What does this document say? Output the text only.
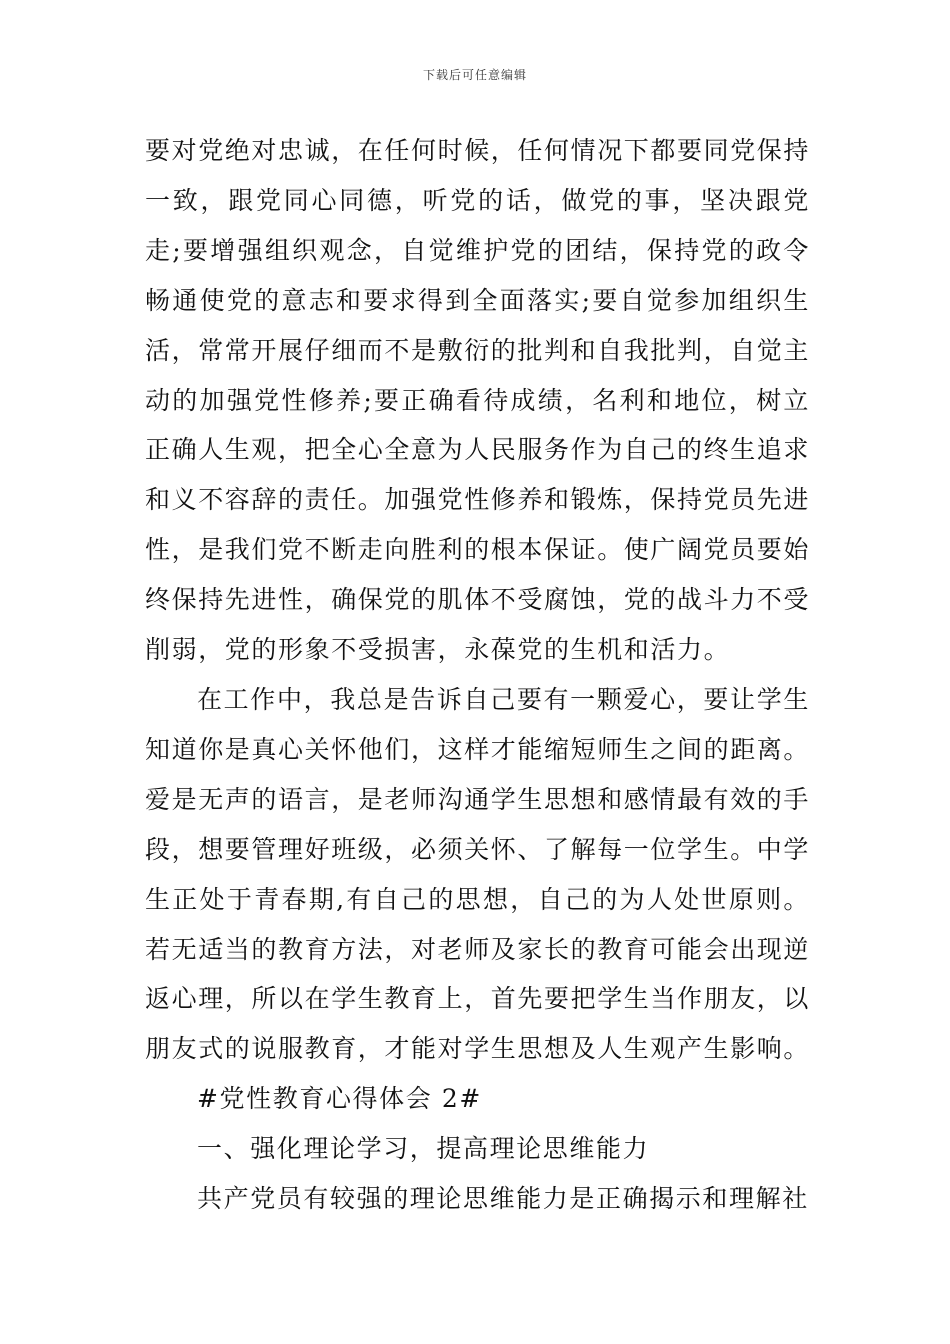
下载后可任意编辑

要对党绝对忠诚，在任何时候，任何情况下都要同党保持一致，跟党同心同德，听党的话，做党的事，坚决跟党走;要增强组织观念，自觉维护党的团结，保持党的政令畅通使党的意志和要求得到全面落实;要自觉参加组织生活，常常开展仔细而不是敷衍的批判和自我批判，自觉主动的加强党性修养;要正确看待成绩，名利和地位，树立正确人生观，把全心全意为人民服务作为自己的终生追求和义不容辞的责任。加强党性修养和锻炼，保持党员先进性，是我们党不断走向胜利的根本保证。使广阔党员要始终保持先进性，确保党的肌体不受腐蚀，党的战斗力不受削弱，党的形象不受损害，永葆党的生机和活力。

在工作中，我总是告诉自己要有一颗爱心，要让学生知道你是真心关怀他们，这样才能缩短师生之间的距离。爱是无声的语言，是老师沟通学生思想和感情最有效的手段，想要管理好班级，必须关怀、了解每一位学生。中学生正处于青春期,有自己的思想，自己的为人处世原则。若无适当的教育方法，对老师及家长的教育可能会出现逆返心理，所以在学生教育上，首先要把学生当作朋友，以朋友式的说服教育，才能对学生思想及人生观产生影响。

#党性教育心得体会 2#

一、强化理论学习，提高理论思维能力

共产党员有较强的理论思维能力是正确揭示和理解社
